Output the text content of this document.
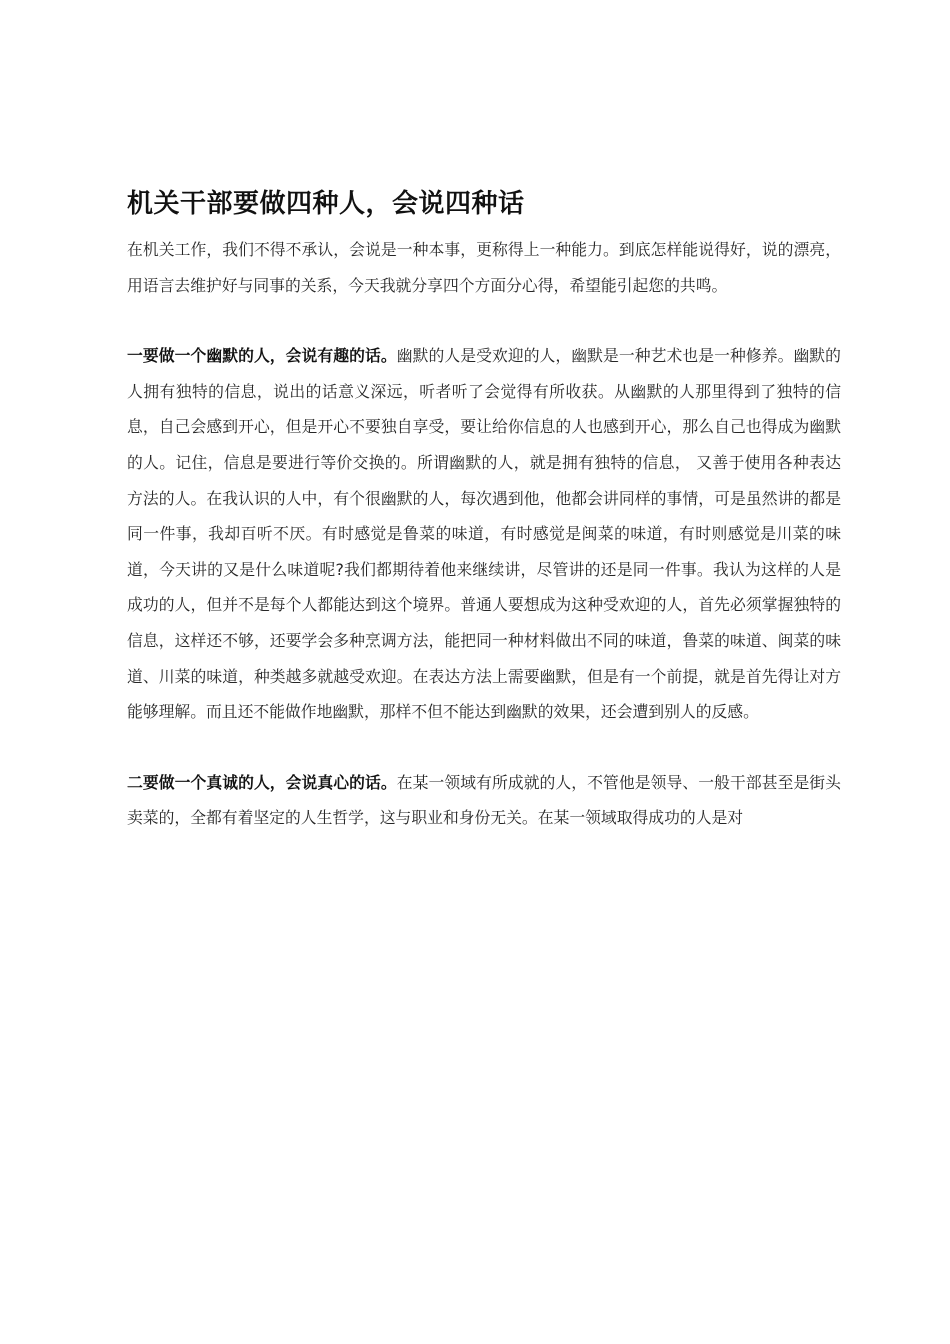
机关干部要做四种人，会说四种话

在机关工作，我们不得不承认，会说是一种本事，更称得上一种能力。到底怎样能说得好，说的漂亮，用语言去维护好与同事的关系，今天我就分享四个方面分心得，希望能引起您的共鸣。

一要做一个幽默的人，会说有趣的话。幽默的人是受欢迎的人，幽默是一种艺术也是一种修养。幽默的人拥有独特的信息，说出的话意义深远，听者听了会觉得有所收获。从幽默的人那里得到了独特的信息，自己会感到开心，但是开心不要独自享受，要让给你信息的人也感到开心，那么自己也得成为幽默的人。记住，信息是要进行等价交换的。所谓幽默的人，就是拥有独特的信息， 又善于使用各种表达方法的人。在我认识的人中，有个很幽默的人，每次遇到他，他都会讲同样的事情，可是虽然讲的都是同一件事，我却百听不厌。有时感觉是鲁菜的味道，有时感觉是闽菜的味道，有时则感觉是川菜的味道，今天讲的又是什么味道呢?我们都期待着他来继续讲，尽管讲的还是同一件事。我认为这样的人是成功的人，但并不是每个人都能达到这个境界。普通人要想成为这种受欢迎的人，首先必须掌握独特的信息，这样还不够，还要学会多种烹调方法，能把同一种材料做出不同的味道，鲁菜的味道、闽菜的味道、川菜的味道，种类越多就越受欢迎。在表达方法上需要幽默，但是有一个前提，就是首先得让对方能够理解。而且还不能做作地幽默，那样不但不能达到幽默的效果，还会遭到别人的反感。

二要做一个真诚的人，会说真心的话。在某一领域有所成就的人，不管他是领导、一般干部甚至是街头卖菜的，全都有着坚定的人生哲学，这与职业和身份无关。在某一领域取得成功的人是对
